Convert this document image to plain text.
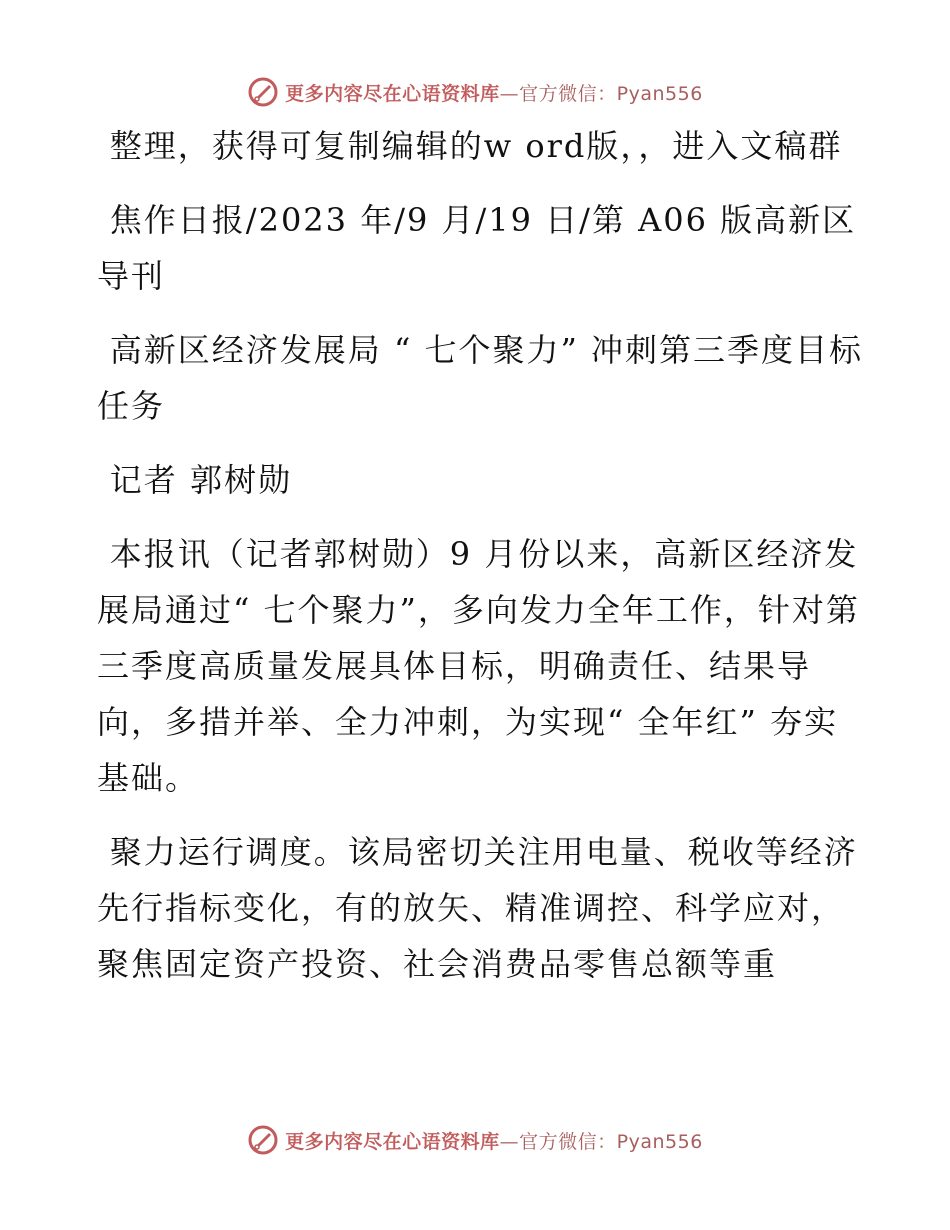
更多内容尽在心语资料库—官方微信：Pyan556

整理，获得可复制编辑的w ord版，，进入文稿群

焦作日报/2023 年/9 月/19 日/第 A06 版高新区导刊

高新区经济发展局 “ 七个聚力” 冲刺第三季度目标任务

记者 郭树勋

本报讯（记者郭树勋）9 月份以来，高新区经济发展局通过“ 七个聚力”，多向发力全年工作，针对第三季度高质量发展具体目标，明确责任、结果导向，多措并举、全力冲刺，为实现“ 全年红” 夯实基础。

聚力运行调度。该局密切关注用电量、税收等经济先行指标变化，有的放矢、精准调控、科学应对，聚焦固定资产投资、社会消费品零售总额等重

更多内容尽在心语资料库—官方微信：Pyan556
